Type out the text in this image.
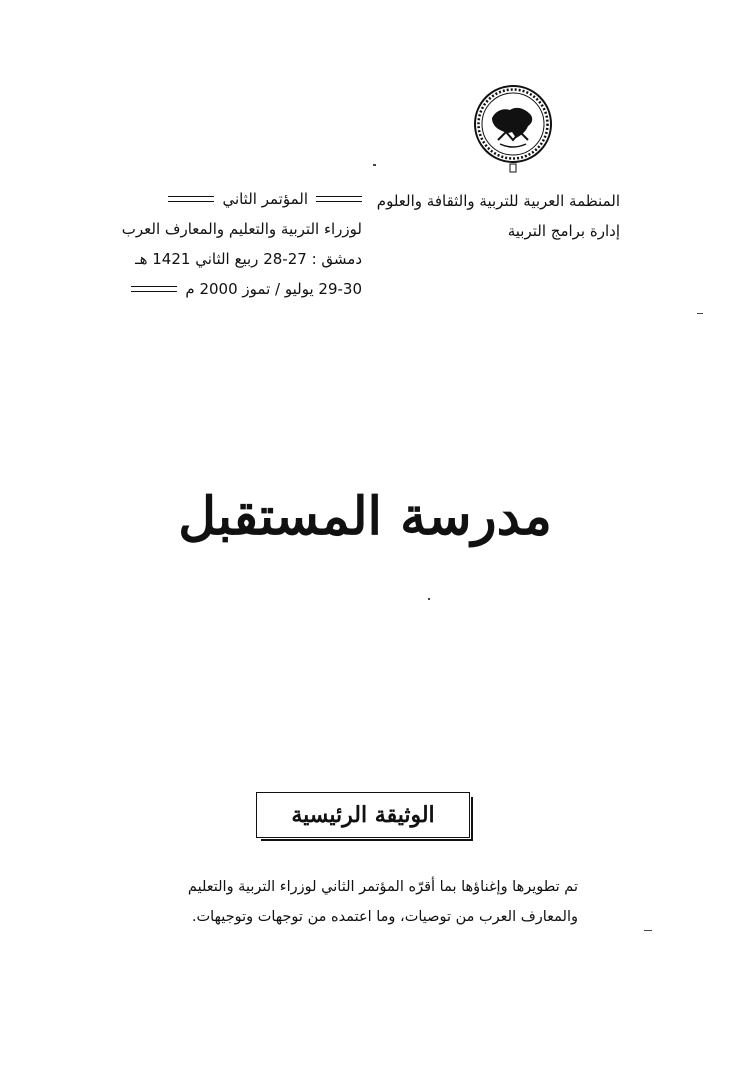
المنظمة العربية للتربية والثقافة والعلوم
إدارة برامج التربية
المؤتمر الثاني
لوزراء التربية والتعليم والمعارف العرب
دمشق : 27-28 ربيع الثاني 1421 هـ
29-30 يوليو / تموز 2000 م
مدرسة المستقبل
الوثيقة الرئيسية
تم تطويرها وإغناؤها بما أقرّه المؤتمر الثاني لوزراء التربية والتعليم
والمعارف العرب من توصيات، وما اعتمده من توجهات وتوجيهات.
